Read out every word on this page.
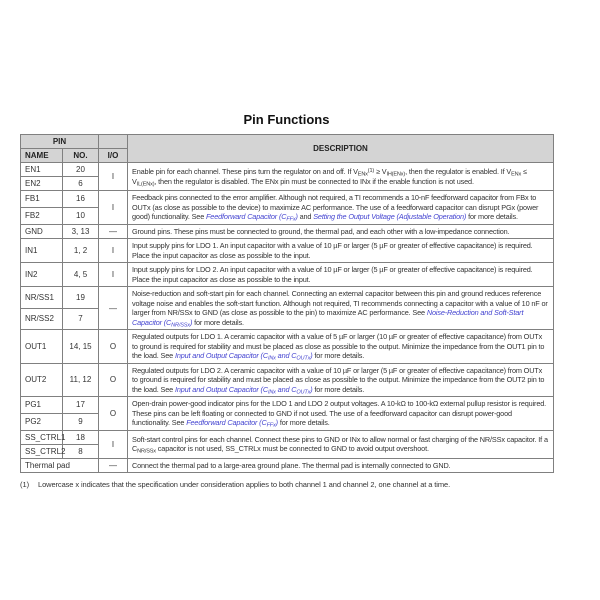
Pin Functions
PIN			DESCRIPTION
NAME	NO.	I/O	
EN1	20	I	Enable pin for each channel. These pins turn the regulator on and off. If $V_{ENx}^{(1)} \ge V_{IH(ENx)}$, then the regulator is enabled. If $V_{ENx} \le V_{IL(ENx)}$, then the regulator is disabled. The ENx pin must be connected to INx if the enable function is not used.
EN2	6		
FB1	16	I	Feedback pins connected to the error amplifier. Although not required, a TI recommends a 10-nF feedforward capacitor from FBx to OUTx (as close as possible to the device) to maximize AC performance. The use of a feedforward capacitor can disrupt PGx (power good) functionality. See Feedforward Capacitor $(C_{FFx})$ and Setting the Output Voltage (Adjustable Operation) for more details.
FB2	10		
GND	3, 13	—	Ground pins. These pins must be connected to ground, the thermal pad, and each other with a low-impedance connection.
IN1	1, 2	I	Input supply pins for LDO 1. An input capacitor with a value of 10 µF or larger (5 µF or greater of effective capacitance) is required. Place the input capacitor as close as possible to the input.
IN2	4, 5	I	Input supply pins for LDO 2. An input capacitor with a value of 10 µF or larger (5 µF or greater of effective capacitance) is required. Place the input capacitor as close as possible to the input.
NR/SS1	19	—	Noise-reduction and soft-start pin for each channel. Connecting an external capacitor between this pin and ground reduces reference voltage noise and enables the soft-start function. Although not required, TI recommends connecting a capacitor with a value of 10 nF or larger from NR/SSx to GND (as close as possible to the pin) to maximize AC performance. See Noise-Reduction and Soft-Start Capacitor $(C_{NR/SSx})$ for more details.
NR/SS2	7		
OUT1	14, 15	O	Regulated outputs for LDO 1. A ceramic capacitor with a value of 5 µF or larger (10 µF or greater of effective capacitance) from OUTx to ground is required for stability and must be placed as close as possible to the output. Minimize the impedance from the OUT1 pin to the load. See Input and Output Capacitor ($C_{INx}$ and $C_{OUTx}$) for more details.
OUT2	11, 12	O	Regulated outputs for LDO 2. A ceramic capacitor with a value of 10 µF or larger (5 µF or greater of effective capacitance) from OUTx to ground is required for stability and must be placed as close as possible to the output. Minimize the impedance from the OUT2 pin to the load. See Input and Output Capacitor ($C_{INx}$ and $C_{OUTx}$) for more details.
PG1	17	O	Open-drain power-good indicator pins for the LDO 1 and LDO 2 output voltages. A 10-kΩ to 100-kΩ external pullup resistor is required. These pins can be left floating or connected to GND if not used. The use of a feedforward capacitor can disrupt power-good functionality. See Feedforward Capacitor $(C_{FFx})$ for more details.
PG2	9		
SS_CTRL1	18	I	Soft-start control pins for each channel. Connect these pins to GND or INx to allow normal or fast charging of the NR/SSx capacitor. If a $C_{NR/SSx}$ capacitor is not used, SS_CTRLx must be connected to GND to avoid output overshoot.
SS_CTRL2	8		
Thermal pad		—	Connect the thermal pad to a large-area ground plane. The thermal pad is internally connected to GND.
(1)	Lowercase x indicates that the specification under consideration applies to both channel 1 and channel 2, one channel at a time.
